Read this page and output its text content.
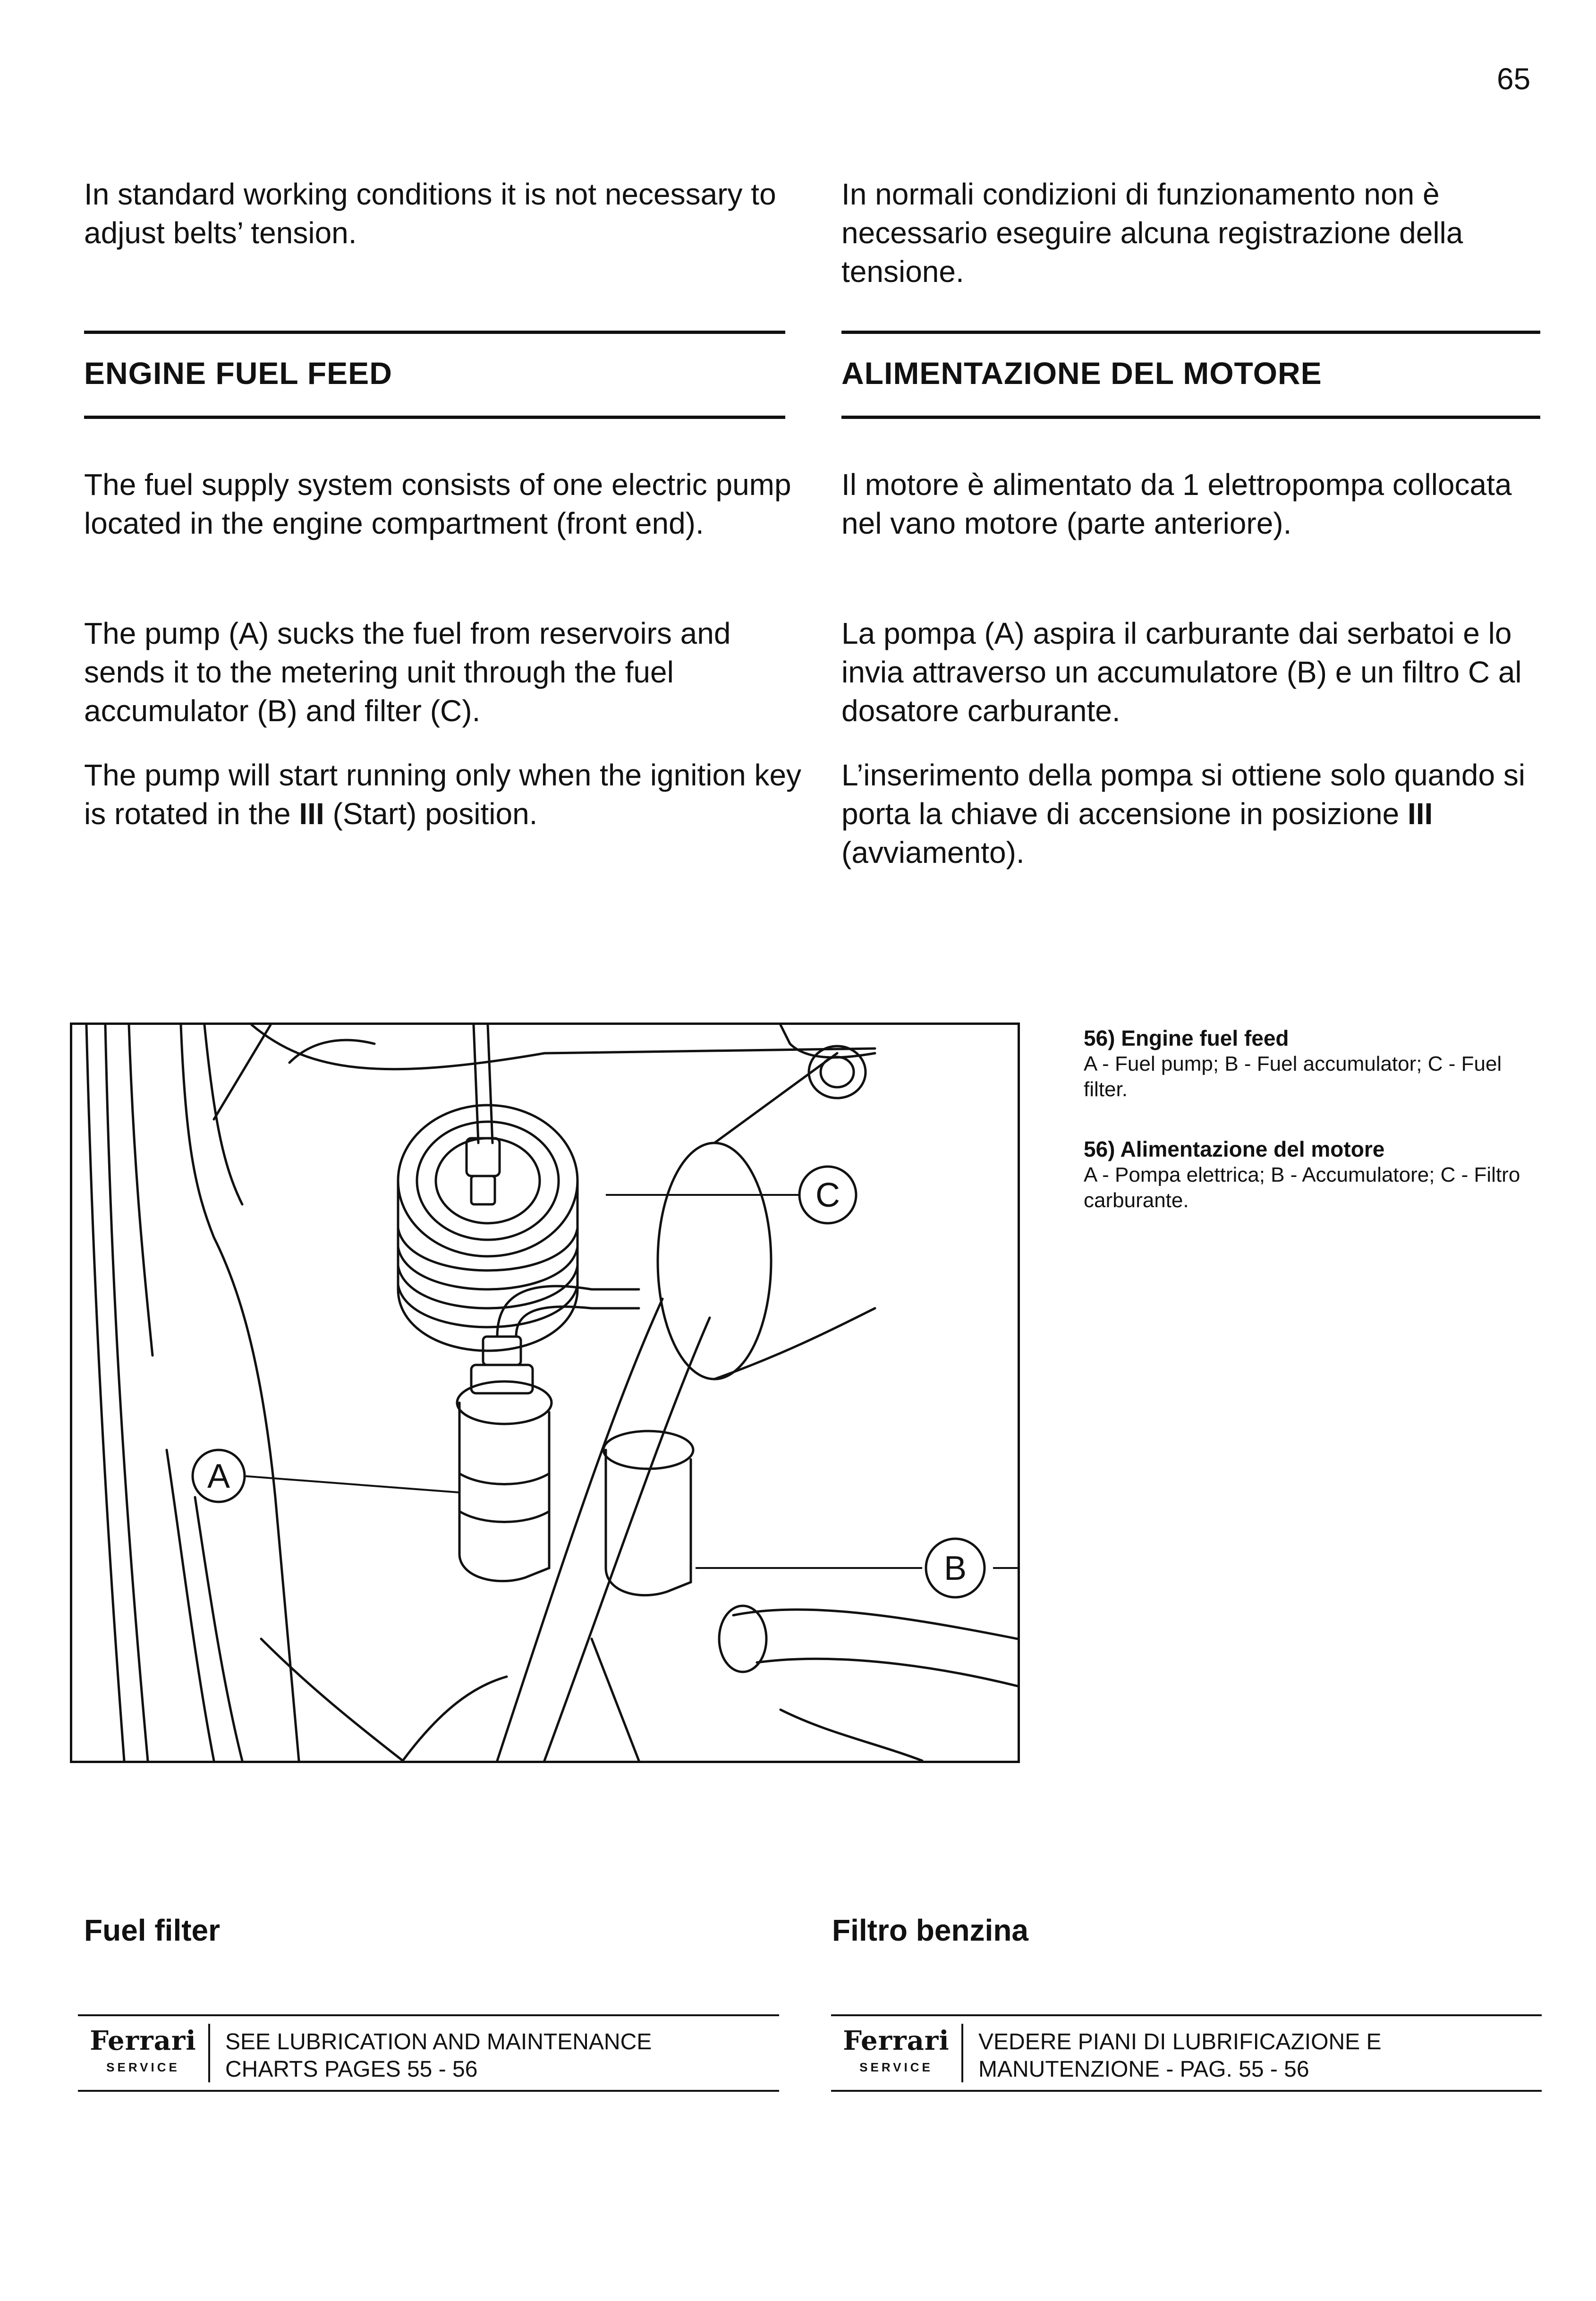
65
In standard working conditions it is not necessary to adjust belts’ tension.
In normali condizioni di funzionamento non è necessario eseguire alcuna registrazione della tensione.
ENGINE FUEL FEED	ALIMENTAZIONE DEL MOTORE
The fuel supply system consists of one electric pump located in the engine compartment (front end).
Il motore è alimentato da 1 elettropompa collocata nel vano motore (parte anteriore).
The pump (A) sucks the fuel from reservoirs and sends it to the metering unit through the fuel accumulator (B) and filter (C).
La pompa (A) aspira il carburante dai serbatoi e lo invia attraverso un accumulatore (B) e un filtro C al dosatore carburante.
The pump will start running only when the ignition key is rotated in the III (Start) position.
L’inserimento della pompa si ottiene solo quando si porta la chiave di accensione in posizione III (avviamento).
C
A
B
56) Engine fuel feed
A - Fuel pump; B - Fuel accumulator; C - Fuel filter.
56) Alimentazione del motore
A - Pompa elettrica; B - Accumulatore; C - Filtro carburante.
Fuel filter	Filtro benzina
Ferrari
SERVICE
SEE LUBRICATION AND MAINTENANCE
CHARTS PAGES 55 - 56
Ferrari
SERVICE
VEDERE PIANI DI LUBRIFICAZIONE E
MANUTENZIONE - PAG. 55 - 56
